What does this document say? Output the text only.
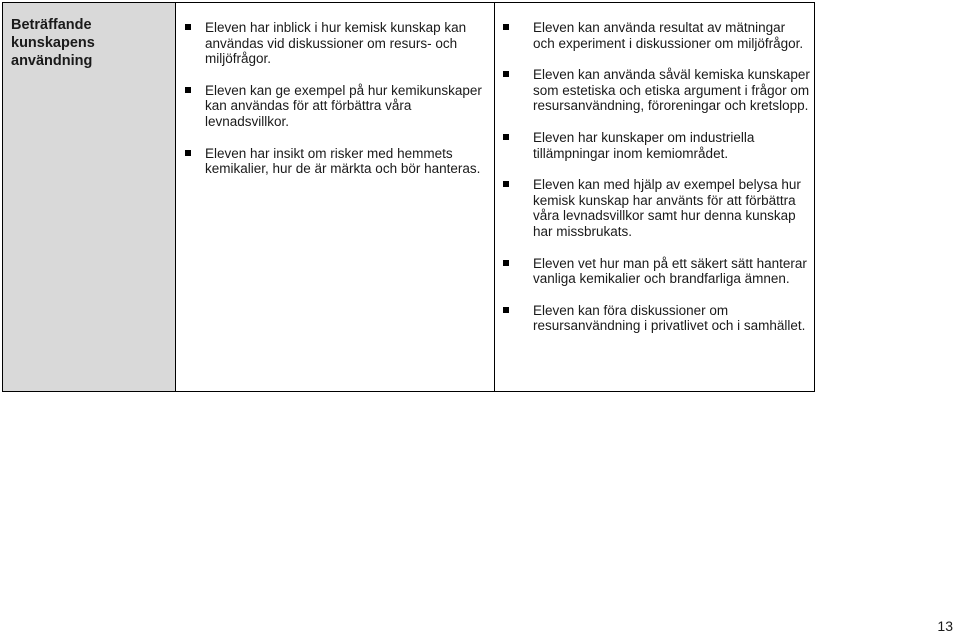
Beträffande kunskapens användning
Eleven har inblick i hur kemisk kunskap kan användas vid diskussioner om resurs- och miljöfrågor.
Eleven kan ge exempel på hur kemikunskaper kan användas för att förbättra våra levnadsvillkor.
Eleven har insikt om risker med hemmets kemikalier, hur de är märkta och bör hanteras.
Eleven kan använda resultat av mätningar och experiment i diskussioner om miljöfrågor.
Eleven kan använda såväl kemiska kunskaper som estetiska och etiska argument i frågor om resursanvändning, föroreningar och kretslopp.
Eleven har kunskaper om industriella tillämpningar inom kemiområdet.
Eleven kan med hjälp av exempel belysa hur kemisk kunskap har använts för att förbättra våra levnadsvillkor samt hur denna kunskap har missbrukats.
Eleven vet hur man på ett säkert sätt hanterar vanliga kemikalier och brandfarliga ämnen.
Eleven kan föra diskussioner om resursanvändning i privatlivet och i samhället.
13
